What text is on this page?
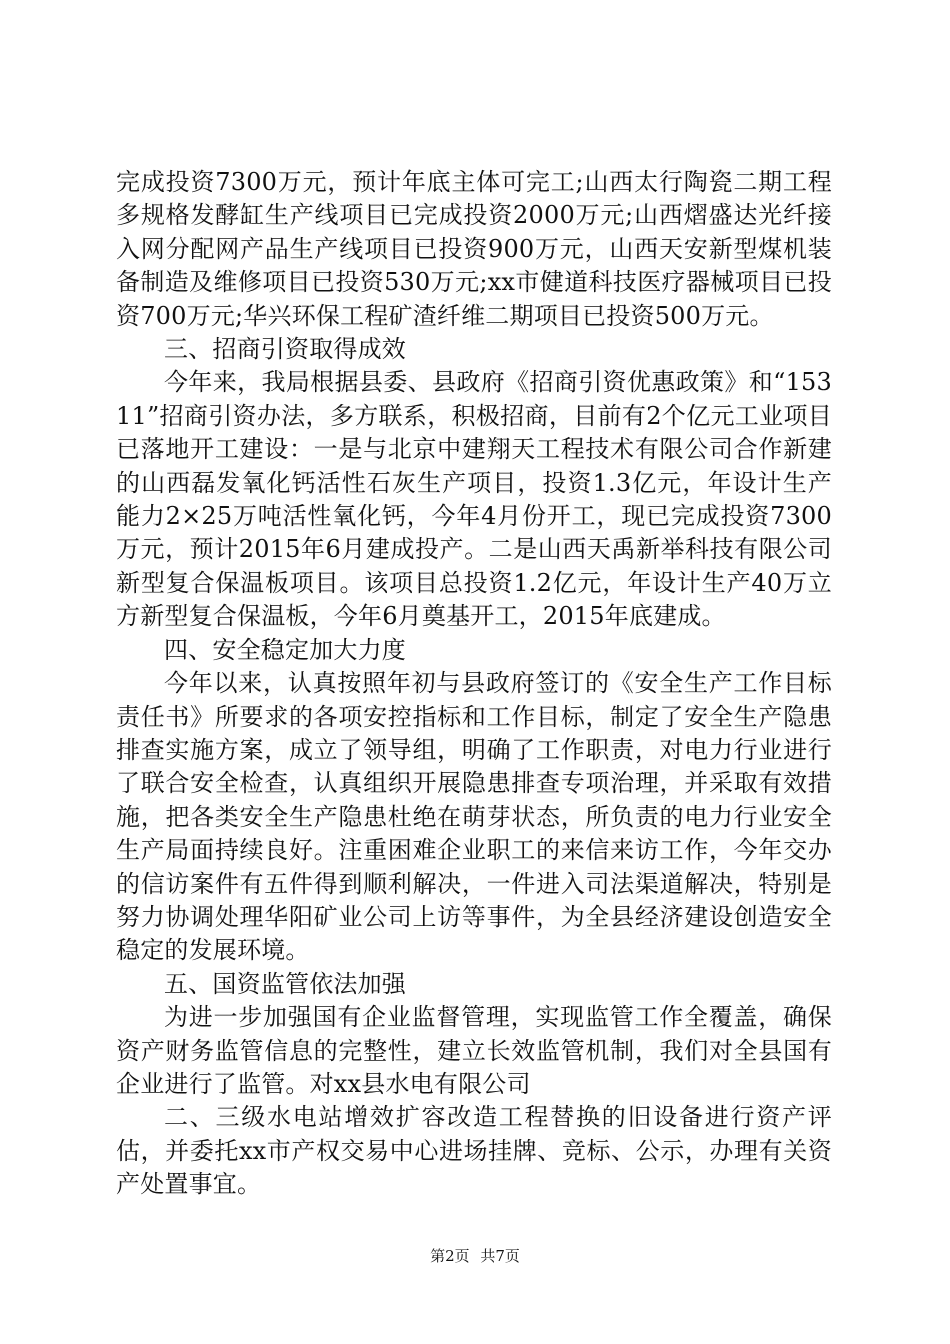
完成投资7300万元，预计年底主体可完工;山西太行陶瓷二期工程多规格发酵缸生产线项目已完成投资2000万元;山西熠盛达光纤接入网分配网产品生产线项目已投资900万元，山西天安新型煤机装备制造及维修项目已投资530万元;xx市健道科技医疗器械项目已投资700万元;华兴环保工程矿渣纤维二期项目已投资500万元。

三、招商引资取得成效

今年来，我局根据县委、县政府《招商引资优惠政策》和“15311”招商引资办法，多方联系，积极招商，目前有2个亿元工业项目已落地开工建设：一是与北京中建翔天工程技术有限公司合作新建的山西磊发氧化钙活性石灰生产项目，投资1.3亿元，年设计生产能力2×25万吨活性氧化钙，今年4月份开工，现已完成投资7300万元，预计2015年6月建成投产。二是山西天禹新举科技有限公司新型复合保温板项目。该项目总投资1.2亿元，年设计生产40万立方新型复合保温板，今年6月奠基开工，2015年底建成。

四、安全稳定加大力度

今年以来，认真按照年初与县政府签订的《安全生产工作目标责任书》所要求的各项安控指标和工作目标，制定了安全生产隐患排查实施方案，成立了领导组，明确了工作职责，对电力行业进行了联合安全检查，认真组织开展隐患排查专项治理，并采取有效措施，把各类安全生产隐患杜绝在萌芽状态，所负责的电力行业安全生产局面持续良好。注重困难企业职工的来信来访工作，今年交办的信访案件有五件得到顺利解决，一件进入司法渠道解决，特别是努力协调处理华阳矿业公司上访等事件，为全县经济建设创造安全稳定的发展环境。

五、国资监管依法加强

为进一步加强国有企业监督管理，实现监管工作全覆盖，确保资产财务监管信息的完整性，建立长效监管机制，我们对全县国有企业进行了监管。对xx县水电有限公司

二、三级水电站增效扩容改造工程替换的旧设备进行资产评估，并委托xx市产权交易中心进场挂牌、竞标、公示，办理有关资产处置事宜。

第2页 共7页
